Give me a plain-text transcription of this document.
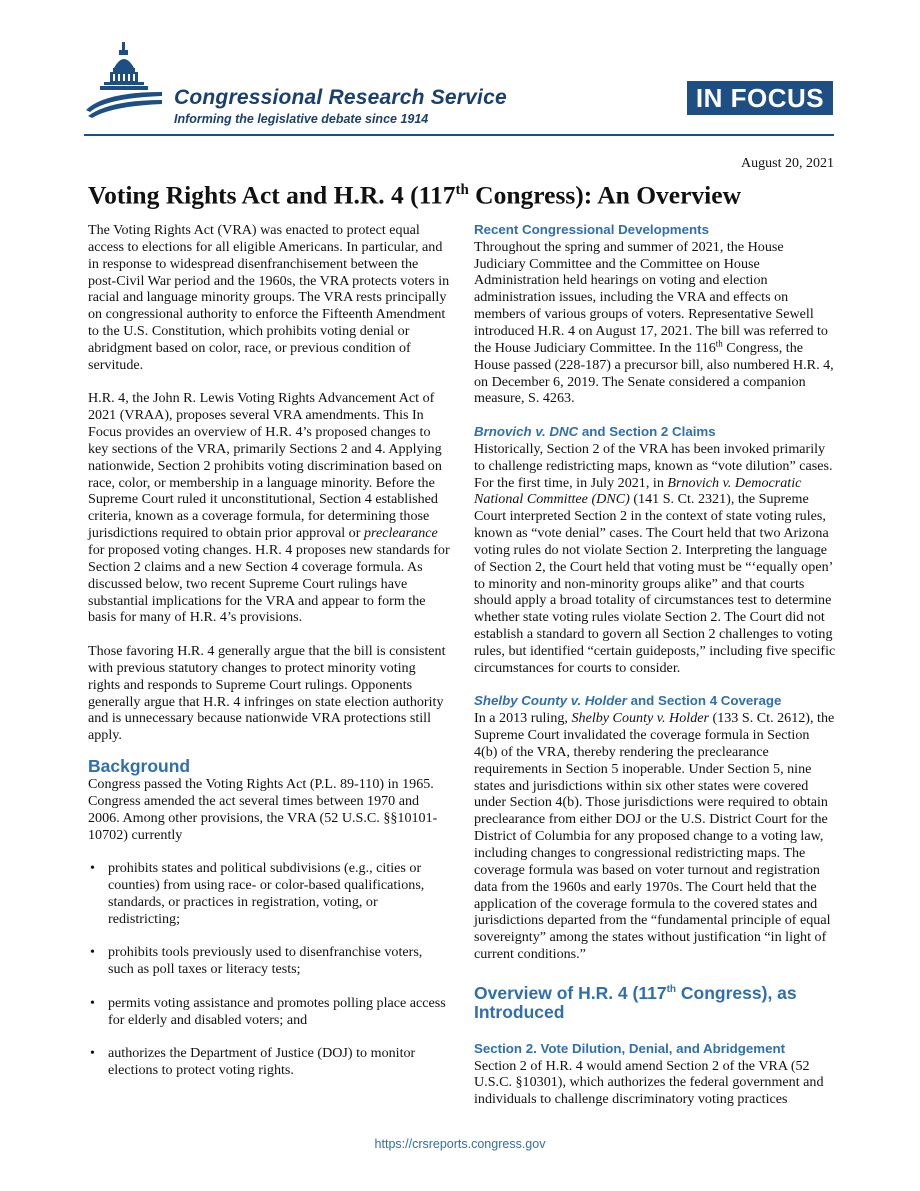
Congressional Research Service
Informing the legislative debate since 1914
IN FOCUS
August 20, 2021
Voting Rights Act and H.R. 4 (117th Congress): An Overview

The Voting Rights Act (VRA) was enacted to protect equal access to elections for all eligible Americans. In particular, and in response to widespread disenfranchisement between the post-Civil War period and the 1960s, the VRA protects voters in racial and language minority groups. The VRA rests principally on congressional authority to enforce the Fifteenth Amendment to the U.S. Constitution, which prohibits voting denial or abridgment based on color, race, or previous condition of servitude.

H.R. 4, the John R. Lewis Voting Rights Advancement Act of 2021 (VRAA), proposes several VRA amendments. This In Focus provides an overview of H.R. 4’s proposed changes to key sections of the VRA, primarily Sections 2 and 4. Applying nationwide, Section 2 prohibits voting discrimination based on race, color, or membership in a language minority. Before the Supreme Court ruled it unconstitutional, Section 4 established criteria, known as a coverage formula, for determining those jurisdictions required to obtain prior approval or preclearance for proposed voting changes. H.R. 4 proposes new standards for Section 2 claims and a new Section 4 coverage formula. As discussed below, two recent Supreme Court rulings have substantial implications for the VRA and appear to form the basis for many of H.R. 4’s provisions.

Those favoring H.R. 4 generally argue that the bill is consistent with previous statutory changes to protect minority voting rights and responds to Supreme Court rulings. Opponents generally argue that H.R. 4 infringes on state election authority and is unnecessary because nationwide VRA protections still apply.

Background

Congress passed the Voting Rights Act (P.L. 89-110) in 1965. Congress amended the act several times between 1970 and 2006. Among other provisions, the VRA (52 U.S.C. §§10101-10702) currently

• prohibits states and political subdivisions (e.g., cities or counties) from using race- or color-based qualifications, standards, or practices in registration, voting, or redistricting;
• prohibits tools previously used to disenfranchise voters, such as poll taxes or literacy tests;
• permits voting assistance and promotes polling place access for elderly and disabled voters; and
• authorizes the Department of Justice (DOJ) to monitor elections to protect voting rights.
Recent Congressional Developments

Throughout the spring and summer of 2021, the House Judiciary Committee and the Committee on House Administration held hearings on voting and election administration issues, including the VRA and effects on members of various groups of voters. Representative Sewell introduced H.R. 4 on August 17, 2021. The bill was referred to the House Judiciary Committee. In the 116th Congress, the House passed (228-187) a precursor bill, also numbered H.R. 4, on December 6, 2019. The Senate considered a companion measure, S. 4263.

Brnovich v. DNC and Section 2 Claims

Historically, Section 2 of the VRA has been invoked primarily to challenge redistricting maps, known as “vote dilution” cases. For the first time, in July 2021, in Brnovich v. Democratic National Committee (DNC) (141 S. Ct. 2321), the Supreme Court interpreted Section 2 in the context of state voting rules, known as “vote denial” cases. The Court held that two Arizona voting rules do not violate Section 2. Interpreting the language of Section 2, the Court held that voting must be “‘equally open’ to minority and non-minority groups alike” and that courts should apply a broad totality of circumstances test to determine whether state voting rules violate Section 2. The Court did not establish a standard to govern all Section 2 challenges to voting rules, but identified “certain guideposts,” including five specific circumstances for courts to consider.

Shelby County v. Holder and Section 4 Coverage

In a 2013 ruling, Shelby County v. Holder (133 S. Ct. 2612), the Supreme Court invalidated the coverage formula in Section 4(b) of the VRA, thereby rendering the preclearance requirements in Section 5 inoperable. Under Section 5, nine states and jurisdictions within six other states were covered under Section 4(b). Those jurisdictions were required to obtain preclearance from either DOJ or the U.S. District Court for the District of Columbia for any proposed change to a voting law, including changes to congressional redistricting maps. The coverage formula was based on voter turnout and registration data from the 1960s and early 1970s. The Court held that the application of the coverage formula to the covered states and jurisdictions departed from the “fundamental principle of equal sovereignty” among the states without justification “in light of current conditions.”

Overview of H.R. 4 (117th Congress), as Introduced
Section 2. Vote Dilution, Denial, and Abridgement

Section 2 of H.R. 4 would amend Section 2 of the VRA (52 U.S.C. §10301), which authorizes the federal government and individuals to challenge discriminatory voting practices

https://crsreports.congress.gov
